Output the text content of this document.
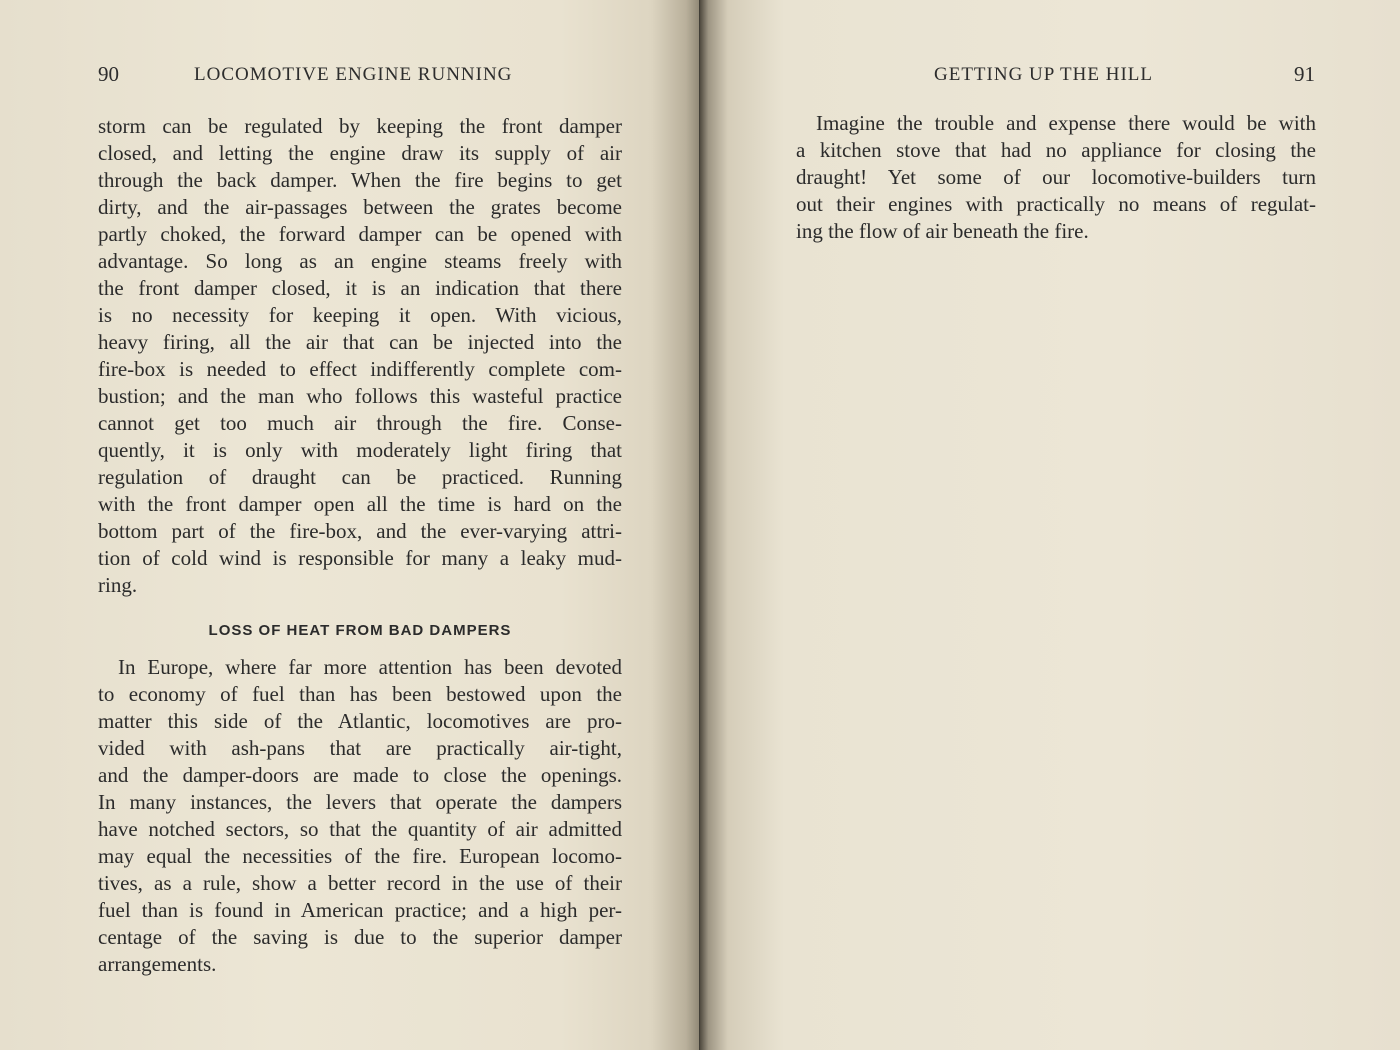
90	LOCOMOTIVE ENGINE RUNNING
storm can be regulated by keeping the front damper
closed, and letting the engine draw its supply of air
through the back damper. When the fire begins to get
dirty, and the air-passages between the grates become
partly choked, the forward damper can be opened with
advantage. So long as an engine steams freely with
the front damper closed, it is an indication that there
is no necessity for keeping it open. With vicious,
heavy firing, all the air that can be injected into the
fire-box is needed to effect indifferently complete com-
bustion; and the man who follows this wasteful practice
cannot get too much air through the fire. Conse-
quently, it is only with moderately light firing that
regulation of draught can be practiced. Running
with the front damper open all the time is hard on the
bottom part of the fire-box, and the ever-varying attri-
tion of cold wind is responsible for many a leaky mud-
ring.
LOSS OF HEAT FROM BAD DAMPERS
In Europe, where far more attention has been devoted
to economy of fuel than has been bestowed upon the
matter this side of the Atlantic, locomotives are pro-
vided with ash-pans that are practically air-tight,
and the damper-doors are made to close the openings.
In many instances, the levers that operate the dampers
have notched sectors, so that the quantity of air admitted
may equal the necessities of the fire. European locomo-
tives, as a rule, show a better record in the use of their
fuel than is found in American practice; and a high per-
centage of the saving is due to the superior damper
arrangements.
GETTING UP THE HILL	91
Imagine the trouble and expense there would be with
a kitchen stove that had no appliance for closing the
draught! Yet some of our locomotive-builders turn
out their engines with practically no means of regulat-
ing the flow of air beneath the fire.
